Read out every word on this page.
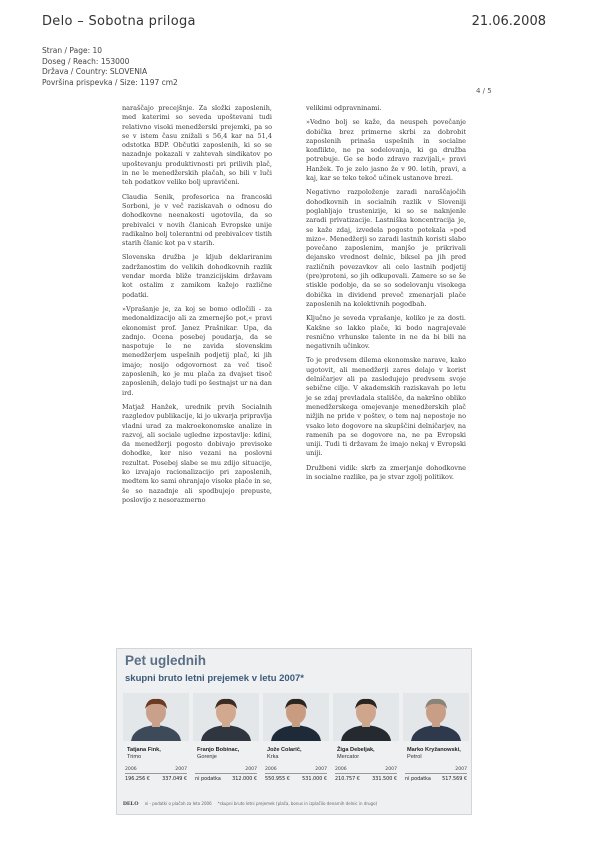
Delo – Sobotna priloga	21.06.2008
Stran / Page: 10
Doseg / Reach: 153000
Država / Country: SLOVENIA
Površina prispevka / Size: 1197 cm2
4 / 5

naraščajo precejšnje. Za složki zaposlenih, med katerimi so seveda upoštevani tudi relativno visoki menedžerski prejemki, pa so se v istem času znižali s 56,4 kar na 51,4 odstotka BDP. Občutki zaposlenih, ki so se nazadnje pokazali v zahtevah sindikatov po upoštevanju produktivnosti pri prilivih plač, in ne le menedžerskih plačah, so bili v luči teh podatkov veliko bolj upravičeni.

Claudia Senik, profesorica na francoski Sorboni, je v več raziskavah o odnosu do dohodkovne neenakosti ugotovila, da so prebivalci v novih članicah Evropske unije radikalno bolj tolerantni od prebivalcev tistih starih članic kot pa v starih.

Slovenska družba je kljub deklariranim zadržanostim do velikih dohodkovnih razlik vendar morda bliže tranzicijskim državam kot ostalim z zamikom kažejo različne podatki.

»Vprašanje je, za koj se bomo odločili - za medonaldizacijo ali za zmernejšo pot,« pravi ekonomist prof. Janez Prašnikar. Upa, da zadnjo. Ocena posebej poudarja, da se naspotuje le ne zavida slovenskim menedžerjem uspešnih podjetij plač, ki jih imajo; nosijo odgovornost za več tisoč zaposlenih, ko je mu plača za dvajset tisoč zaposlenih, delajo tudi po šestnajst ur na dan ird.

Matjaž Hanžek, urednik prvih Socialnih razgledov publikacije, ki jo ukvarja pripravlja vladni urad za makroekonomske analize in razvoj, ali sociale ugledne izpostavlje: kdini, da menedžerji pogosto dobivajo previsoke dohodke, ker niso vezani na poslovni rezultat. Posebej slabe se mu zdijo situacije, ko izvajajo racionalizacijo pri zaposlenih, medtem ko sami ohranjajo visoke plače in se, še so nazadnje ali spodbujejo prepuste, poslovijo z nesorazmerno

velikimi odpravninami.

»Vedno bolj se kaže, da neuspeh povečanje dobička brez primerne skrbi za dobrobit zaposlenih prinaša uspešnih in socialne konflikte, ne pa sodelovanja, ki ga družba potrebuje. Ge se bodo zdravo razvijali,« pravi Hanžek. To je zelo jasno že v 90. letih, pravi, a kaj, kar se teko tekoč učinek ustanove brezi.

Negativno razpoloženje zaradi naraščajočih dohodkovnih in socialnih razlik v Sloveniji poglabljajo trustenizije, ki so se naknjenle zaradi privatizacije. Lastniška koncentracija je, se kaže zdaj, izvedela pogosto potekala »pod mizo«. Menedžerji so zaradi lastnih koristi slabo povečano zaposlenim, manjšo je prikrivali dejansko vrednost delnic, biksel pa jih pred različnih povezavkov ali celo lastnih podjetij (pre)proteni, so jih odkupovali. Zamere so se še stiskle podobje, da se so sodelovanju visokega dobička in dividend preveč zmenarjali plače zaposlenih na kolektivnih pogodbah.

Ključno je seveda vprašanje, koliko je za dosti. Kakšne so lakko plače, ki bodo nagrajevale resnično vrhunske talente in ne da bi bili na negativnih učinkov.

To je predvsem dilema ekonomske narave, kako ugotovit, ali menedžerji zares delajo v korist delničarjev ali pa zasledujejo predvsem svoje sebične cilje. V akademskih raziskavah po letu je se zdaj prevladala stališče, da nakršno obliko menedžerskega omejevanje menedžerskih plač nižjih ne pride v poštev, o tem naj nepostoje no vsako leto dogovore na skupščini delničarjev, na ramenih pa se dogovore na, ne pa Evropski uniji. Tudi ti državam že imajo nekaj v Evropski uniji.

Družbeni vidik: skrb za zmerjanje dohodkovne in socialne razlike, pa je stvar zgolj politikov.

Pet uglednih
skupni bruto letni prejemek v letu 2007*
Tatjana Fink,
Trimo
2006	2007
196.256 € 337.049 €
Franjo Bobinac,
Gorenje
2007
ni podatka 312.000 €
Jože Colarič,
Krka
2006	2007
550.955 € 531.000 €
Žiga Debeljak,
Mercator
2006	2007
210.757 € 331.500 €
Marko Kryžanowski,
Petrol
2007
ni podatka 517.569 €
DELO ni - podatki o plačah za leto 2006 *skupni bruto letni prejemek (plača, bonus in izplačilo denarnih delnic in drugo)
